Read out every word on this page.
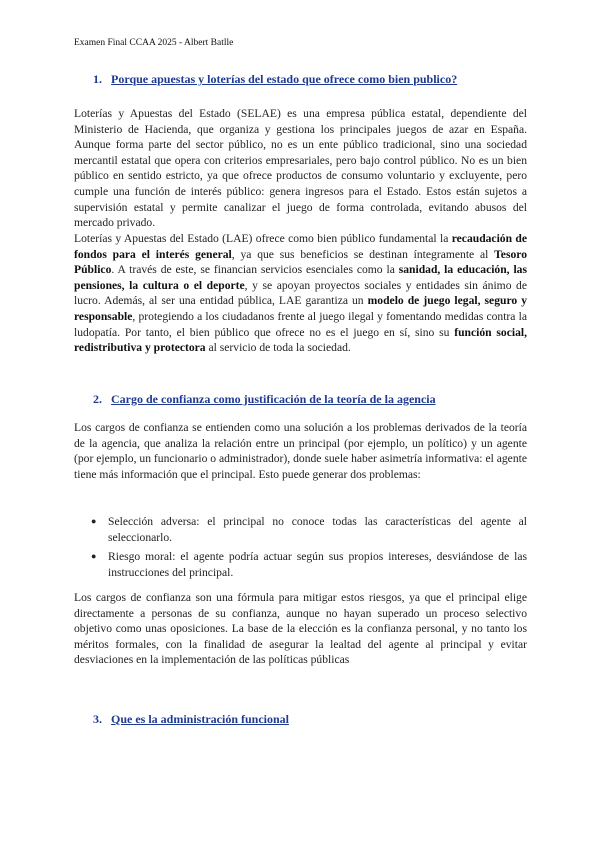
Examen Final CCAA 2025 - Albert Batlle
1. Porque apuestas y loterías del estado que ofrece como bien publico?

Loterías y Apuestas del Estado (SELAE) es una empresa pública estatal, dependiente del Ministerio de Hacienda, que organiza y gestiona los principales juegos de azar en España. Aunque forma parte del sector público, no es un ente público tradicional, sino una sociedad mercantil estatal que opera con criterios empresariales, pero bajo control público. No es un bien público en sentido estricto, ya que ofrece productos de consumo voluntario y excluyente, pero cumple una función de interés público: genera ingresos para el Estado. Estos están sujetos a supervisión estatal y permite canalizar el juego de forma controlada, evitando abusos del mercado privado.

Loterías y Apuestas del Estado (LAE) ofrece como bien público fundamental la recaudación de fondos para el interés general, ya que sus beneficios se destinan íntegramente al Tesoro Público. A través de este, se financian servicios esenciales como la sanidad, la educación, las pensiones, la cultura o el deporte, y se apoyan proyectos sociales y entidades sin ánimo de lucro. Además, al ser una entidad pública, LAE garantiza un modelo de juego legal, seguro y responsable, protegiendo a los ciudadanos frente al juego ilegal y fomentando medidas contra la ludopatía. Por tanto, el bien público que ofrece no es el juego en sí, sino su función social, redistributiva y protectora al servicio de toda la sociedad.

2. Cargo de confianza como justificación de la teoría de la agencia

Los cargos de confianza se entienden como una solución a los problemas derivados de la teoría de la agencia, que analiza la relación entre un principal (por ejemplo, un político) y un agente (por ejemplo, un funcionario o administrador), donde suele haber asimetría informativa: el agente tiene más información que el principal. Esto puede generar dos problemas:

● Selección adversa: el principal no conoce todas las características del agente al seleccionarlo.
● Riesgo moral: el agente podría actuar según sus propios intereses, desviándose de las instrucciones del principal.

Los cargos de confianza son una fórmula para mitigar estos riesgos, ya que el principal elige directamente a personas de su confianza, aunque no hayan superado un proceso selectivo objetivo como unas oposiciones. La base de la elección es la confianza personal, y no tanto los méritos formales, con la finalidad de asegurar la lealtad del agente al principal y evitar desviaciones en la implementación de las políticas públicas

3. Que es la administración funcional
